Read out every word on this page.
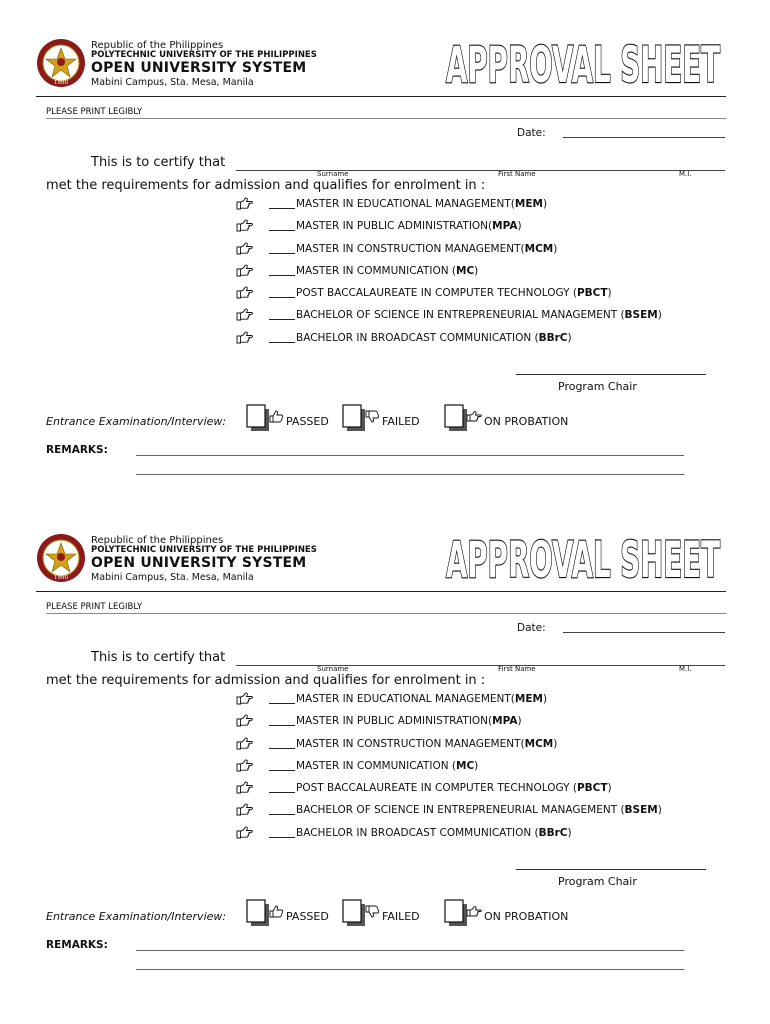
1990
Republic of the Philippines
POLYTECHNIC UNIVERSITY OF THE PHILIPPINES
OPEN UNIVERSITY SYSTEM
Mabini Campus, Sta. Mesa, Manila	APPROVAL SHEET
PLEASE PRINT LEGIBLY
Date:
This is to certify that
Surname	First Name	M.I.
met the requirements for admission and qualifies for enrolment in :
MASTER IN EDUCATIONAL MANAGEMENT(MEM)
MASTER IN PUBLIC ADMINISTRATION(MPA)
MASTER IN CONSTRUCTION MANAGEMENT(MCM)
MASTER IN COMMUNICATION (MC)
POST BACCALAUREATE IN COMPUTER TECHNOLOGY (PBCT)
BACHELOR OF SCIENCE IN ENTREPRENEURIAL MANAGEMENT (BSEM)
BACHELOR IN BROADCAST COMMUNICATION (BBrC)
Program Chair
Entrance Examination/Interview:	PASSED	FAILED	ON PROBATION
REMARKS:
1990
Republic of the Philippines
POLYTECHNIC UNIVERSITY OF THE PHILIPPINES
OPEN UNIVERSITY SYSTEM
Mabini Campus, Sta. Mesa, Manila	APPROVAL SHEET
PLEASE PRINT LEGIBLY
Date:
This is to certify that
Surname	First Name	M.I.
met the requirements for admission and qualifies for enrolment in :
MASTER IN EDUCATIONAL MANAGEMENT(MEM)
MASTER IN PUBLIC ADMINISTRATION(MPA)
MASTER IN CONSTRUCTION MANAGEMENT(MCM)
MASTER IN COMMUNICATION (MC)
POST BACCALAUREATE IN COMPUTER TECHNOLOGY (PBCT)
BACHELOR OF SCIENCE IN ENTREPRENEURIAL MANAGEMENT (BSEM)
BACHELOR IN BROADCAST COMMUNICATION (BBrC)
Program Chair
Entrance Examination/Interview:	PASSED	FAILED	ON PROBATION
REMARKS:
